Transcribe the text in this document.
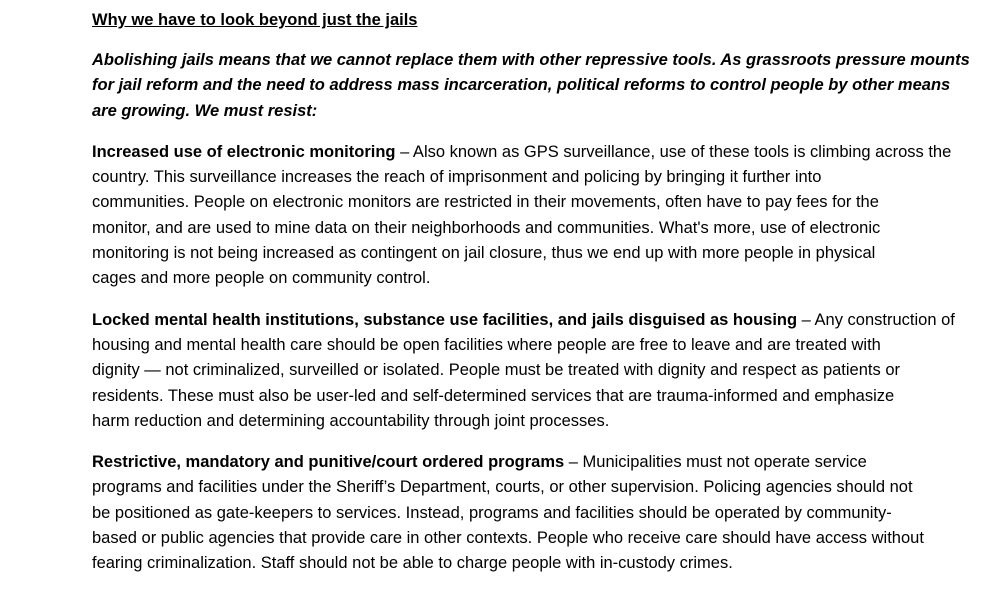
Why we have to look beyond just the jails
Abolishing jails means that we cannot replace them with other repressive tools. As grassroots pressure mounts
for jail reform and the need to address mass incarceration, political reforms to control people by other means
are growing. We must resist:
Increased use of electronic monitoring – Also known as GPS surveillance, use of these tools is climbing across the
country. This surveillance increases the reach of imprisonment and policing by bringing it further into
communities. People on electronic monitors are restricted in their movements, often have to pay fees for the
monitor, and are used to mine data on their neighborhoods and communities. What's more, use of electronic
monitoring is not being increased as contingent on jail closure, thus we end up with more people in physical
cages and more people on community control.
Locked mental health institutions, substance use facilities, and jails disguised as housing – Any construction of
housing and mental health care should be open facilities where people are free to leave and are treated with
dignity — not criminalized, surveilled or isolated. People must be treated with dignity and respect as patients or
residents. These must also be user-led and self-determined services that are trauma-informed and emphasize
harm reduction and determining accountability through joint processes.
Restrictive, mandatory and punitive/court ordered programs – Municipalities must not operate service
programs and facilities under the Sheriff’s Department, courts, or other supervision. Policing agencies should not
be positioned as gate-keepers to services. Instead, programs and facilities should be operated by community-
based or public agencies that provide care in other contexts. People who receive care should have access without
fearing criminalization. Staff should not be able to charge people with in-custody crimes.
